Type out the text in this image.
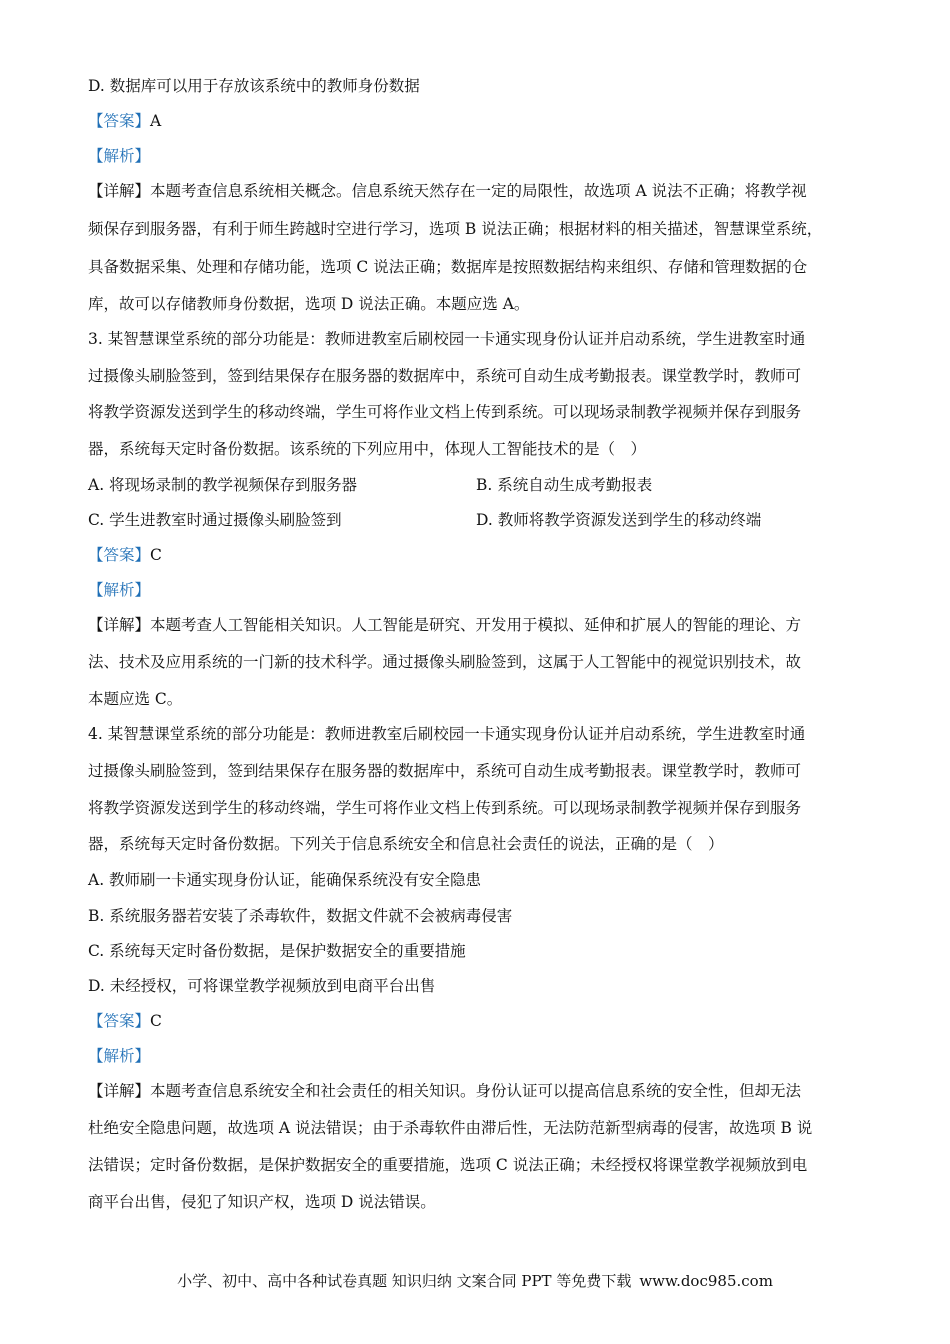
D. 数据库可以用于存放该系统中的教师身份数据
【答案】A
【解析】
【详解】本题考查信息系统相关概念。信息系统天然存在一定的局限性，故选项 A 说法不正确；将教学视
频保存到服务器，有利于师生跨越时空进行学习，选项 B 说法正确；根据材料的相关描述，智慧课堂系统，
具备数据采集、处理和存储功能，选项 C 说法正确；数据库是按照数据结构来组织、存储和管理数据的仓
库，故可以存储教师身份数据，选项 D 说法正确。本题应选 A。
3. 某智慧课堂系统的部分功能是：教师进教室后刷校园一卡通实现身份认证并启动系统，学生进教室时通
过摄像头刷脸签到，签到结果保存在服务器的数据库中，系统可自动生成考勤报表。课堂教学时，教师可
将教学资源发送到学生的移动终端，学生可将作业文档上传到系统。可以现场录制教学视频并保存到服务
器，系统每天定时备份数据。该系统的下列应用中，体现人工智能技术的是（　）
A. 将现场录制的教学视频保存到服务器	B. 系统自动生成考勤报表
C. 学生进教室时通过摄像头刷脸签到	D. 教师将教学资源发送到学生的移动终端
【答案】C
【解析】
【详解】本题考查人工智能相关知识。人工智能是研究、开发用于模拟、延伸和扩展人的智能的理论、方
法、技术及应用系统的一门新的技术科学。通过摄像头刷脸签到，这属于人工智能中的视觉识别技术，故
本题应选 C。
4. 某智慧课堂系统的部分功能是：教师进教室后刷校园一卡通实现身份认证并启动系统，学生进教室时通
过摄像头刷脸签到，签到结果保存在服务器的数据库中，系统可自动生成考勤报表。课堂教学时，教师可
将教学资源发送到学生的移动终端，学生可将作业文档上传到系统。可以现场录制教学视频并保存到服务
器，系统每天定时备份数据。下列关于信息系统安全和信息社会责任的说法，正确的是（　）
A. 教师刷一卡通实现身份认证，能确保系统没有安全隐患
B. 系统服务器若安装了杀毒软件，数据文件就不会被病毒侵害
C. 系统每天定时备份数据，是保护数据安全的重要措施
D. 未经授权，可将课堂教学视频放到电商平台出售
【答案】C
【解析】
【详解】本题考查信息系统安全和社会责任的相关知识。身份认证可以提高信息系统的安全性，但却无法
杜绝安全隐患问题，故选项 A 说法错误；由于杀毒软件由滞后性，无法防范新型病毒的侵害，故选项 B 说
法错误；定时备份数据，是保护数据安全的重要措施，选项 C 说法正确；未经授权将课堂教学视频放到电
商平台出售，侵犯了知识产权，选项 D 说法错误。
小学、初中、高中各种试卷真题 知识归纳 文案合同 PPT 等免费下载 www.doc985.com
